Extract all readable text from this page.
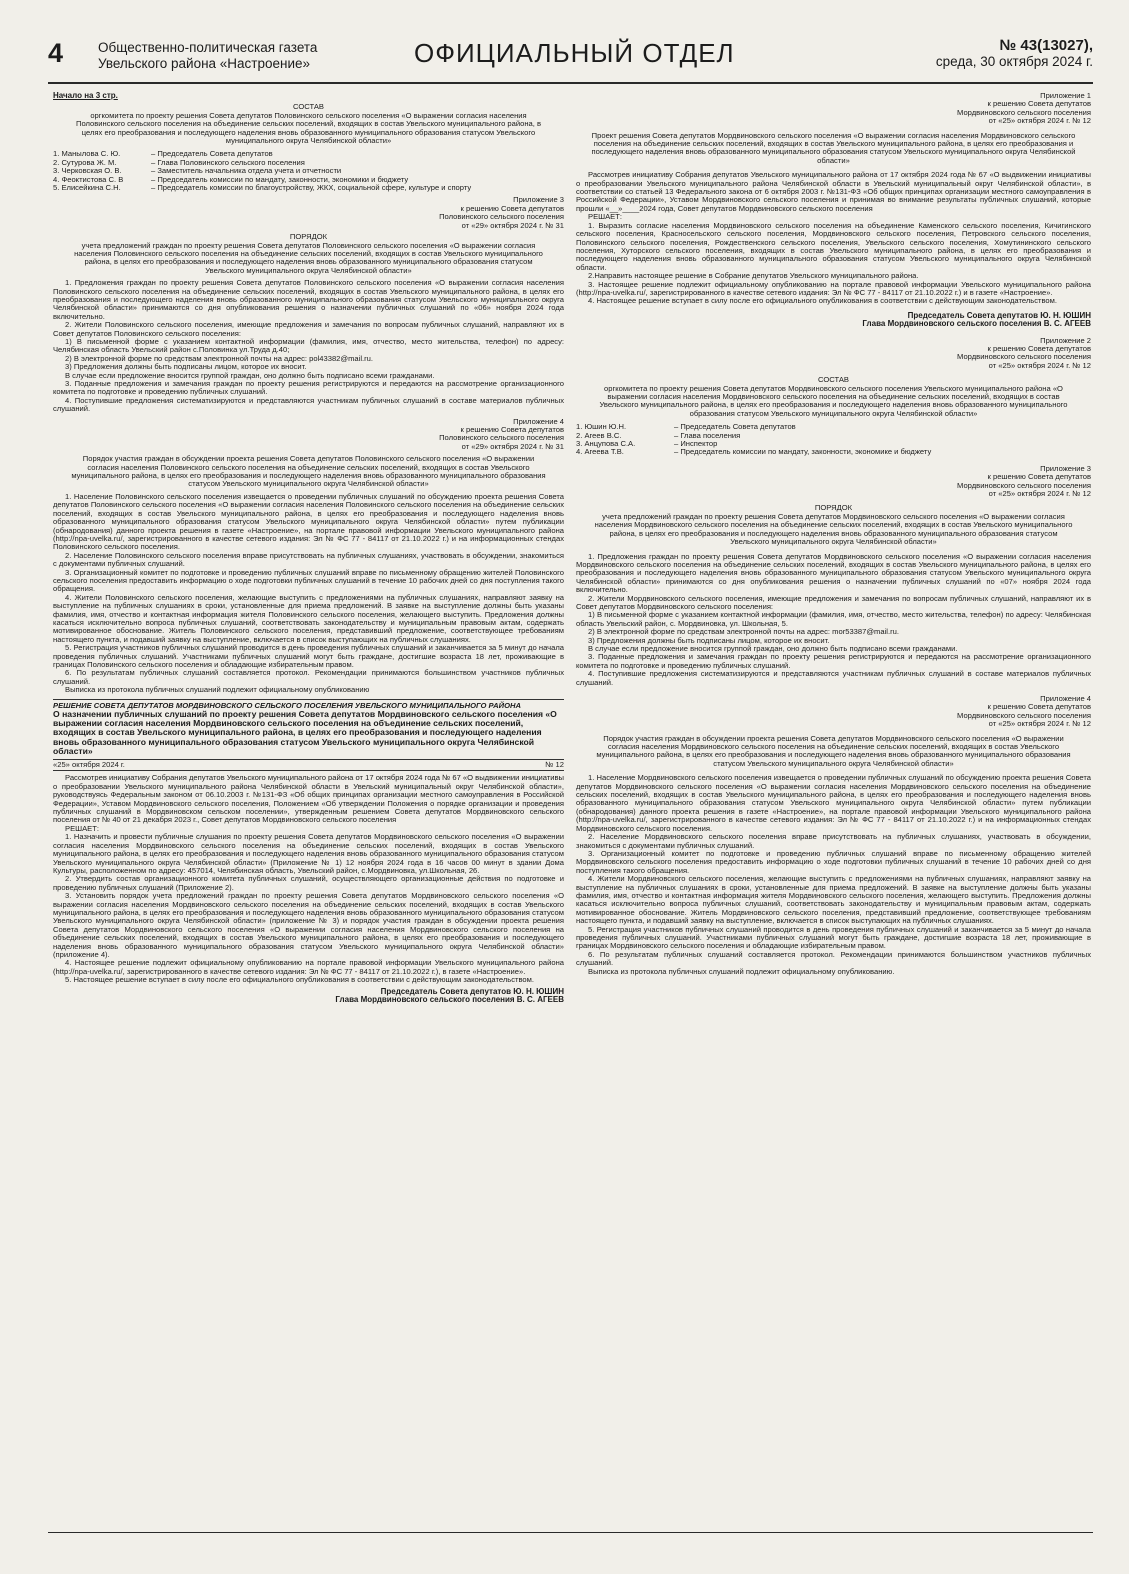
4	Общественно-политическая газета
Увельского района «Настроение»	ОФИЦИАЛЬНЫЙ ОТДЕЛ	№ 43(13027),
среда, 30 октября 2024 г.
Начало на 3 стр.
СОСТАВ
оргкомитета по проекту решения Совета депутатов Половинского сельского поселения «О выражении согласия населения Половинского сельского поселения на объединение сельских поселений, входящих в состав Увельского муниципального района, в целях его преобразования и последующего наделения вновь образованного муниципального образования статусом Увельского муниципального округа Челябинской области»
1. Манылова С. Ю.	– Председатель Совета депутатов
2. Сутурова Ж. М.	– Глава Половинского сельского поселения
3. Черковская О. В.	– Заместитель начальника отдела учета и отчетности
4. Феоктистова С. В	– Председатель комиссии по мандату, законности, экономики и бюджету
5. Елисейкина С.Н.	– Председатель комиссии по благоустройству, ЖКХ, социальной сфере, культуре и спорту
Приложение 3
к решению Совета депутатов
Половинского сельского поселения
от «29» октября 2024 г. № 31
ПОРЯДОК
учета предложений граждан по проекту решения Совета депутатов Половинского сельского поселения «О выражении согласия населения Половинского сельского поселения на объединение сельских поселений, входящих в состав Увельского муниципального района, в целях его преобразования и последующего наделения вновь образованного муниципального образования статусом Увельского муниципального округа Челябинской области»
1. Предложения граждан по проекту решения Совета депутатов Половинского сельского поселения «О выражении согласия населения Половинского сельского поселения на объединение сельских поселений, входящих в состав Увельского муниципального района, в целях его преобразования и последующего наделения вновь образованного муниципального образования статусом Увельского муниципального округа Челябинской области» принимаются со дня опубликования решения о назначении публичных слушаний по «06» ноября 2024 года включительно.
2. Жители Половинского сельского поселения, имеющие предложения и замечания по вопросам публичных слушаний, направляют их в Совет депутатов Половинского сельского поселения:
1) В письменной форме с указанием контактной информации (фамилия, имя, отчество, место жительства, телефон) по адресу: Челябинская область Увельский район с.Половинка ул.Труда д.40;
2) В электронной форме по средствам электронной почты на адрес: pol43382@mail.ru.
3) Предложения должны быть подписаны лицом, которое их вносит.
В случае если предложение вносится группой граждан, оно должно быть подписано всеми гражданами.
3. Поданные предложения и замечания граждан по проекту решения регистрируются и передаются на рассмотрение организационного комитета по подготовке и проведению публичных слушаний.
4. Поступившие предложения систематизируются и представляются участникам публичных слушаний в составе материалов публичных слушаний.
Приложение 4
к решению Совета депутатов
Половинского сельского поселения
от «29» октября 2024 г. № 31
Порядок участия граждан в обсуждении проекта решения Совета депутатов Половинского сельского поселения «О выражении согласия населения Половинского сельского поселения на объединение сельских поселений, входящих в состав Увельского муниципального района, в целях его преобразования и последующего наделения вновь образованного муниципального образования статусом Увельского муниципального округа Челябинской области»
1. Население Половинского сельского поселения извещается о проведении публичных слушаний по обсуждению проекта решения Совета депутатов Половинского сельского поселения «О выражении согласия населения Половинского сельского поселения на объединение сельских поселений, входящих в состав Увельского муниципального района, в целях его преобразования и последующего наделения вновь образованного муниципального образования статусом Увельского муниципального округа Челябинской области» путем публикации (обнародования) данного проекта решения в газете «Настроение», на портале правовой информации Увельского муниципального района (http://npa-uvelka.ru/, зарегистрированного в качестве сетевого издания: Эл № ФС 77 - 84117 от 21.10.2022 г.) и на информационных стендах Половинского сельского поселения.
2. Население Половинского сельского поселения вправе присутствовать на публичных слушаниях, участвовать в обсуждении, знакомиться с документами публичных слушаний.
3. Организационный комитет по подготовке и проведению публичных слушаний вправе по письменному обращению жителей Половинского сельского поселения предоставить информацию о ходе подготовки публичных слушаний в течение 10 рабочих дней со дня поступления такого обращения.
4. Жители Половинского сельского поселения, желающие выступить с предложениями на публичных слушаниях, направляют заявку на выступление на публичных слушаниях в сроки, установленные для приема предложений. В заявке на выступление должны быть указаны фамилия, имя, отчество и контактная информация жителя Половинского сельского поселения, желающего выступить. Предложения должны касаться исключительно вопроса публичных слушаний, соответствовать законодательству и муниципальным правовым актам, содержать мотивированное обоснование. Житель Половинского сельского поселения, представивший предложение, соответствующее требованиям настоящего пункта, и подавший заявку на выступление, включается в список выступающих на публичных слушаниях.
5. Регистрация участников публичных слушаний проводится в день проведения публичных слушаний и заканчивается за 5 минут до начала проведения публичных слушаний. Участниками публичных слушаний могут быть граждане, достигшие возраста 18 лет, проживающие в границах Половинского сельского поселения и обладающие избирательным правом.
6. По результатам публичных слушаний составляется протокол. Рекомендации принимаются большинством участников публичных слушаний.
Выписка из протокола публичных слушаний подлежит официальному опубликованию
РЕШЕНИЕ СОВЕТА ДЕПУТАТОВ МОРДВИНОВСКОГО СЕЛЬСКОГО ПОСЕЛЕНИЯ УВЕЛЬСКОГО МУНИЦИПАЛЬНОГО РАЙОНА
О назначении публичных слушаний по проекту решения Совета депутатов Мордвиновского сельского поселения «О выражении согласия населения Мордвиновского сельского поселения на объединение сельских поселений, входящих в состав Увельского муниципального района, в целях его преобразования и последующего наделения вновь образованного муниципального образования статусом Увельского муниципального округа Челябинской области»
«25» октября 2024 г.	№ 12
Рассмотрев инициативу Собрания депутатов Увельского муниципального района от 17 октября 2024 года № 67 «О выдвижении инициативы о преобразовании Увельского муниципального района Челябинской области в Увельский муниципальный округ Челябинской области», руководствуясь Федеральным законом от 06.10.2003 г. №131-ФЗ «Об общих принципах организации местного самоуправления в Российской Федерации», Уставом Мордвиновского сельского поселения, Положением «Об утверждении Положения о порядке организации и проведения публичных слушаний в Мордвиновском сельском поселении», утвержденным решением Совета депутатов Мордвиновского сельского поселения от № 40 от 21 декабря 2023 г., Совет депутатов Мордвиновского сельского поселения
РЕШАЕТ:
1. Назначить и провести публичные слушания по проекту решения Совета депутатов Мордвиновского сельского поселения «О выражении согласия населения Мордвиновского сельского поселения на объединение сельских поселений, входящих в состав Увельского муниципального района, в целях его преобразования и последующего наделения вновь образованного муниципального образования статусом Увельского муниципального округа Челябинской области» (Приложение № 1) 12 ноября 2024 года в 16 часов 00 минут в здании Дома Культуры, расположенном по адресу: 457014, Челябинская область, Увельский район, с.Мордвиновка, ул.Школьная, 26.
2. Утвердить состав организационного комитета публичных слушаний, осуществляющего организационные действия по подготовке и проведению публичных слушаний (Приложение 2).
3. Установить порядок учета предложений граждан по проекту решения Совета депутатов Мордвиновского сельского поселения «О выражении согласия населения Мордвиновского сельского поселения на объединение сельских поселений, входящих в состав Увельского муниципального района, в целях его преобразования и последующего наделения вновь образованного муниципального образования статусом Увельского муниципального округа Челябинской области» (приложение № 3) и порядок участия граждан в обсуждении проекта решения Совета депутатов Мордвиновского сельского поселения «О выражении согласия населения Мордвиновского сельского поселения на объединение сельских поселений, входящих в состав Увельского муниципального района, в целях его преобразования и последующего наделения вновь образованного муниципального образования статусом Увельского муниципального округа Челябинской области» (приложение 4).
4. Настоящее решение подлежит официальному опубликованию на портале правовой информации Увельского муниципального района (http://npa-uvelka.ru/, зарегистрированного в качестве сетевого издания: Эл № ФС 77 - 84117 от 21.10.2022 г.), в газете «Настроение».
5. Настоящее решение вступает в силу после его официального опубликования в соответствии с действующим законодательством.
Председатель Совета депутатов Ю. Н. ЮШИН
Глава Мордвиновского сельского поселения В. С. АГЕЕВ
Приложение 1
к решению Совета депутатов
Мордвиновского сельского поселения
от «25» октября 2024 г. № 12
Проект решения Совета депутатов Мордвиновского сельского поселения «О выражении согласия населения Мордвиновского сельского поселения на объединение сельских поселений, входящих в состав Увельского муниципального района, в целях его преобразования и последующего наделения вновь образованного муниципального образования статусом Увельского муниципального округа Челябинской области»
Рассмотрев инициативу Собрания депутатов Увельского муниципального района от 17 октября 2024 года № 67 «О выдвижении инициативы о преобразовании Увельского муниципального района Челябинской области в Увельский муниципальный округ Челябинской области», в соответствии со статьей 13 Федерального закона от 6 октября 2003 г. №131-ФЗ «Об общих принципах организации местного самоуправления в Российской Федерации», Уставом Мордвиновского сельского поселения и принимая во внимание результаты публичных слушаний, которые прошли «__»____2024 года, Совет депутатов Мордвиновского сельского поселения
РЕШАЕТ:
1. Выразить согласие населения Мордвиновского сельского поселения на объединение Каменского сельского поселения, Кичигинского сельского поселения, Красносельского сельского поселения, Мордвиновского сельского поселения, Петровского сельского поселения, Половинского сельского поселения, Рождественского сельского поселения, Увельского сельского поселения, Хомутининского сельского поселения, Хуторского сельского поселения, входящих в состав Увельского муниципального района, в целях его преобразования и последующего наделения вновь образованного муниципального образования статусом Увельского муниципального округа Челябинской области.
2.Направить настоящее решение в Собрание депутатов Увельского муниципального района.
3. Настоящее решение подлежит официальному опубликованию на портале правовой информации Увельского муниципального района (http://npa-uvelka.ru/, зарегистрированного в качестве сетевого издания: Эл № ФС 77 - 84117 от 21.10.2022 г.) и в газете «Настроение».
4. Настоящее решение вступает в силу после его официального опубликования в соответствии с действующим законодательством.
Председатель Совета депутатов Ю. Н. ЮШИН
Глава Мордвиновского сельского поселения В. С. АГЕЕВ
Приложение 2
к решению Совета депутатов
Мордвиновского сельского поселения
от «25» октября 2024 г. № 12
СОСТАВ
оргкомитета по проекту решения Совета депутатов Мордвиновского сельского поселения Увельского муниципального района «О выражении согласия населения Мордвиновского сельского поселения на объединение сельских поселений, входящих в состав Увельского муниципального района, в целях его преобразования и последующего наделения вновь образованного муниципального образования статусом Увельского муниципального округа Челябинской области»
1. Юшин Ю.Н.	– Председатель Совета депутатов
2. Агеев В.С.	– Глава поселения
3. Анцупова С.А.	– Инспектор
4. Агеева Т.В.	– Председатель комиссии по мандату, законности, экономике и бюджету
Приложение 3
к решению Совета депутатов
Мордвиновского сельского поселения
от «25» октября 2024 г. № 12
ПОРЯДОК
учета предложений граждан по проекту решения Совета депутатов Мордвиновского сельского поселения «О выражении согласия населения Мордвиновского сельского поселения на объединение сельских поселений, входящих в состав Увельского муниципального района, в целях его преобразования и последующего наделения вновь образованного муниципального образования статусом Увельского муниципального округа Челябинской области»
1. Предложения граждан по проекту решения Совета депутатов Мордвиновского сельского поселения «О выражении согласия населения Мордвиновского сельского поселения на объединение сельских поселений, входящих в состав Увельского муниципального района, в целях его преобразования и последующего наделения вновь образованного муниципального образования статусом Увельского муниципального округа Челябинской области» принимаются со дня опубликования решения о назначении публичных слушаний по «07» ноября 2024 года включительно.
2. Жители Мордвиновского сельского поселения, имеющие предложения и замечания по вопросам публичных слушаний, направляют их в Совет депутатов Мордвиновского сельского поселения:
1) В письменной форме с указанием контактной информации (фамилия, имя, отчество, место жительства, телефон) по адресу: Челябинская область Увельский район, с. Мордвиновка, ул. Школьная, 5.
2) В электронной форме по средствам электронной почты на адрес: mor53387@mail.ru.
3) Предложения должны быть подписаны лицом, которое их вносит.
В случае если предложение вносится группой граждан, оно должно быть подписано всеми гражданами.
3. Поданные предложения и замечания граждан по проекту решения регистрируются и передаются на рассмотрение организационного комитета по подготовке и проведению публичных слушаний.
4. Поступившие предложения систематизируются и представляются участникам публичных слушаний в составе материалов публичных слушаний.
Приложение 4
к решению Совета депутатов
Мордвиновского сельского поселения
от «25» октября 2024 г. № 12
Порядок участия граждан в обсуждении проекта решения Совета депутатов Мордвиновского сельского поселения «О выражении согласия населения Мордвиновского сельского поселения на объединение сельских поселений, входящих в состав Увельского муниципального района, в целях его преобразования и последующего наделения вновь образованного муниципального образования статусом Увельского муниципального округа Челябинской области»
1. Население Мордвиновского сельского поселения извещается о проведении публичных слушаний по обсуждению проекта решения Совета депутатов Мордвиновского сельского поселения «О выражении согласия населения Мордвиновского сельского поселения на объединение сельских поселений, входящих в состав Увельского муниципального района, в целях его преобразования и последующего наделения вновь образованного муниципального образования статусом Увельского муниципального округа Челябинской области» путем публикации (обнародования) данного проекта решения в газете «Настроение», на портале правовой информации Увельского муниципального района (http://npa-uvelka.ru/, зарегистрированного в качестве сетевого издания: Эл № ФС 77 - 84117 от 21.10.2022 г.) и на информационных стендах Мордвиновского сельского поселения.
2. Население Мордвиновского сельского поселения вправе присутствовать на публичных слушаниях, участвовать в обсуждении, знакомиться с документами публичных слушаний.
3. Организационный комитет по подготовке и проведению публичных слушаний вправе по письменному обращению жителей Мордвиновского сельского поселения предоставить информацию о ходе подготовки публичных слушаний в течение 10 рабочих дней со дня поступления такого обращения.
4. Жители Мордвиновского сельского поселения, желающие выступить с предложениями на публичных слушаниях, направляют заявку на выступление на публичных слушаниях в сроки, установленные для приема предложений. В заявке на выступление должны быть указаны фамилия, имя, отчество и контактная информация жителя Мордвиновского сельского поселения, желающего выступить. Предложения должны касаться исключительно вопроса публичных слушаний, соответствовать законодательству и муниципальным правовым актам, содержать мотивированное обоснование. Житель Мордвиновского сельского поселения, представивший предложение, соответствующее требованиям настоящего пункта, и подавший заявку на выступление, включается в список выступающих на публичных слушаниях.
5. Регистрация участников публичных слушаний проводится в день проведения публичных слушаний и заканчивается за 5 минут до начала проведения публичных слушаний. Участниками публичных слушаний могут быть граждане, достигшие возраста 18 лет, проживающие в границах Мордвиновского сельского поселения и обладающие избирательным правом.
6. По результатам публичных слушаний составляется протокол. Рекомендации принимаются большинством участников публичных слушаний.
Выписка из протокола публичных слушаний подлежит официальному опубликованию.
